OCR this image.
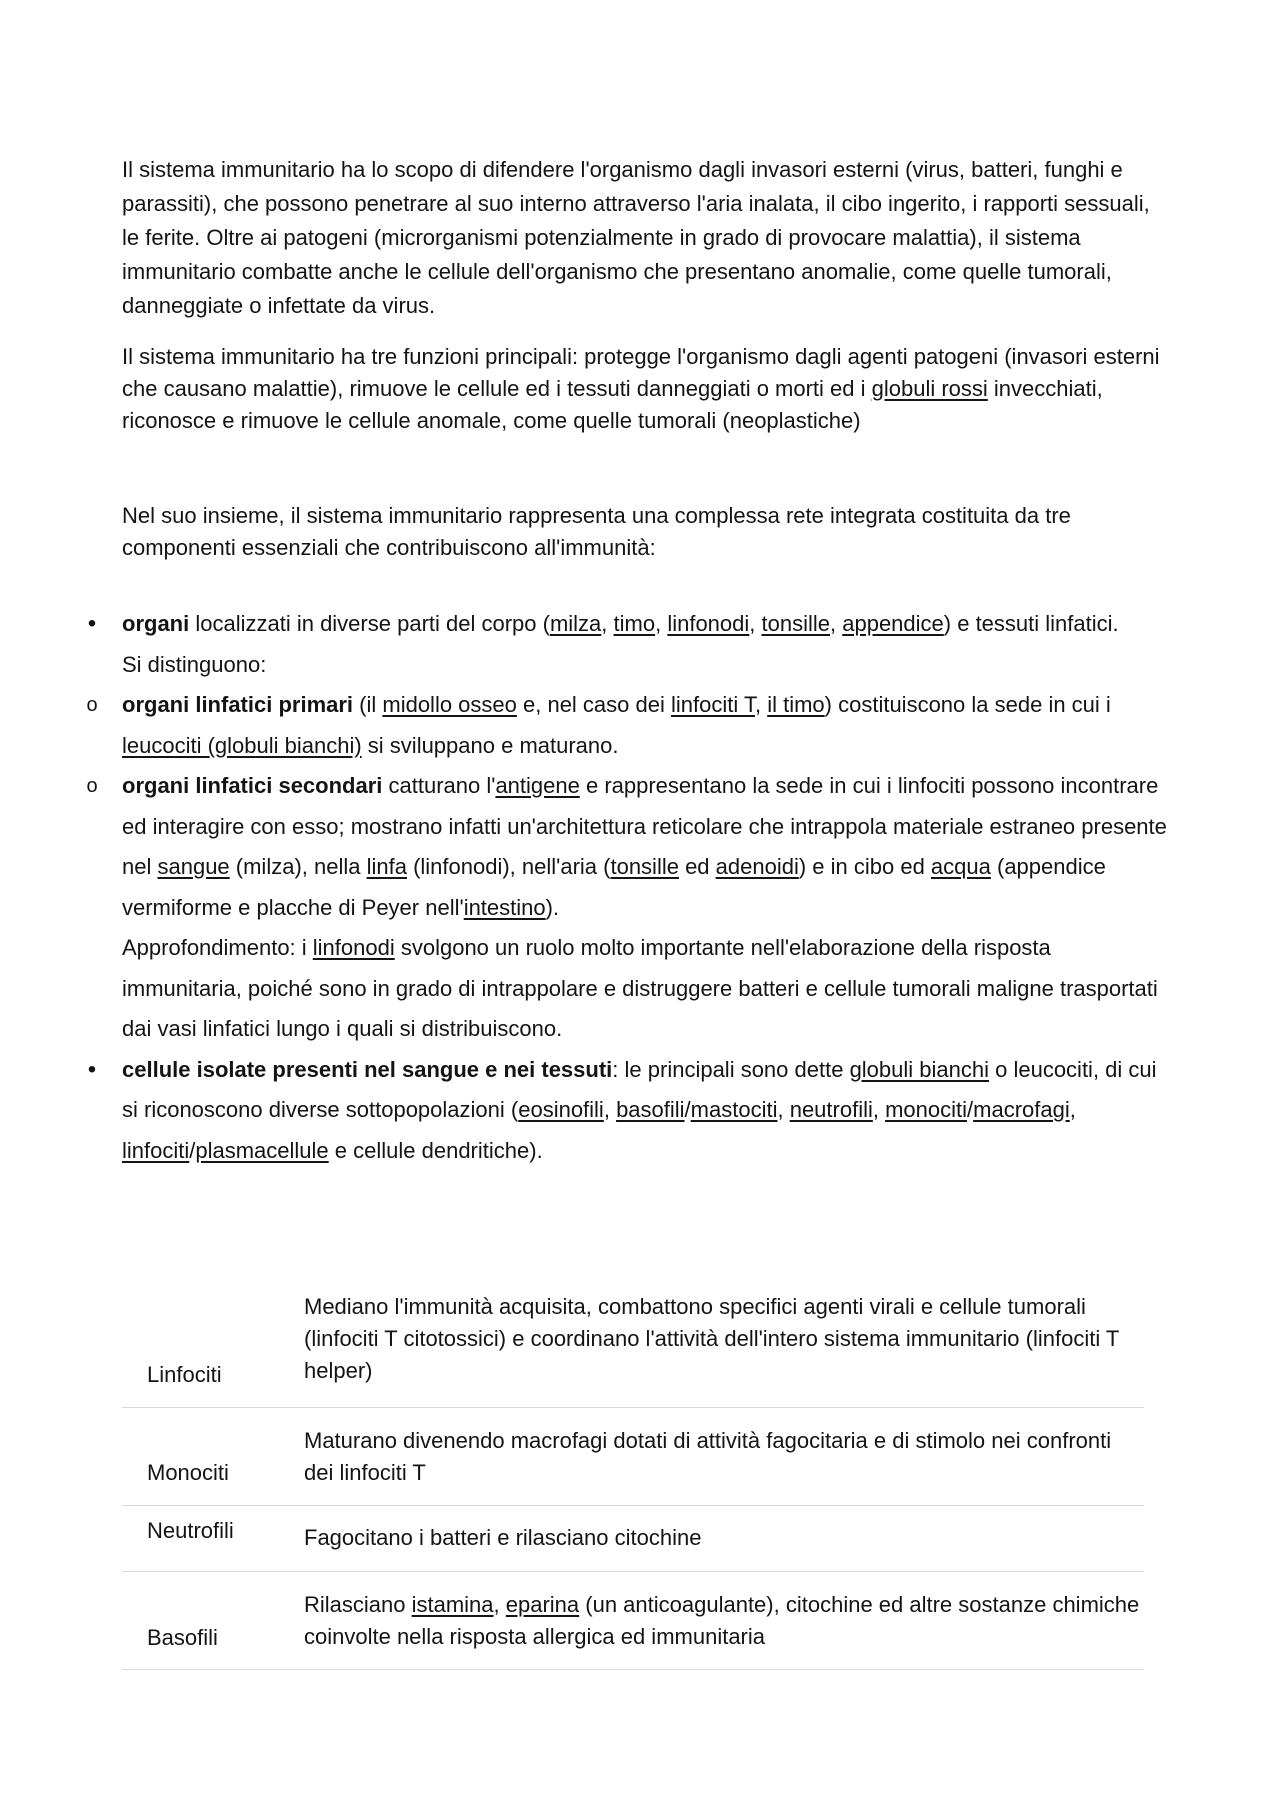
Il sistema immunitario ha lo scopo di difendere l'organismo dagli invasori esterni (virus, batteri, funghi e parassiti), che possono penetrare al suo interno attraverso l'aria inalata, il cibo ingerito, i rapporti sessuali, le ferite. Oltre ai patogeni (microrganismi potenzialmente in grado di provocare malattia), il sistema immunitario combatte anche le cellule dell'organismo che presentano anomalie, come quelle tumorali, danneggiate o infettate da virus.

Il sistema immunitario ha tre funzioni principali: protegge l'organismo dagli agenti patogeni (invasori esterni che causano malattie), rimuove le cellule ed i tessuti danneggiati o morti ed i globuli rossi invecchiati, riconosce e rimuove le cellule anomale, come quelle tumorali (neoplastiche)

Nel suo insieme, il sistema immunitario rappresenta una complessa rete integrata costituita da tre componenti essenziali che contribuiscono all'immunità:

•
organi localizzati in diverse parti del corpo (milza, timo, linfonodi, tonsille, appendice) e tessuti linfatici.
Si distinguono:
o organi linfatici primari (il midollo osseo e, nel caso dei linfociti T, il timo) costituiscono la sede in cui i leucociti (globuli bianchi) si sviluppano e maturano.
o organi linfatici secondari catturano l'antigene e rappresentano la sede in cui i linfociti possono incontrare ed interagire con esso; mostrano infatti un'architettura reticolare che intrappola materiale estraneo presente nel sangue (milza), nella linfa (linfonodi), nell'aria (tonsille ed adenoidi) e in cibo ed acqua (appendice vermiforme e placche di Peyer nell'intestino).
Approfondimento: i linfonodi svolgono un ruolo molto importante nell'elaborazione della risposta immunitaria, poiché sono in grado di intrappolare e distruggere batteri e cellule tumorali maligne trasportati dai vasi linfatici lungo i quali si distribuiscono.
•
cellule isolate presenti nel sangue e nei tessuti: le principali sono dette globuli bianchi o leucociti, di cui si riconoscono diverse sottopopolazioni (eosinofili, basofili/mastociti, neutrofili, monociti/macrofagi, linfociti/plasmacellule e cellule dendritiche).
Linfociti
Mediano l'immunità acquisita, combattono specifici agenti virali e cellule tumorali (linfociti T citotossici) e coordinano l'attività dell'intero sistema immunitario (linfociti T helper)
Monociti
Maturano divenendo macrofagi dotati di attività fagocitaria e di stimolo nei confronti dei linfociti T
Neutrofili	Fagocitano i batteri e rilasciano citochine
Basofili
Rilasciano istamina, eparina (un anticoagulante), citochine ed altre sostanze chimiche coinvolte nella risposta allergica ed immunitaria
